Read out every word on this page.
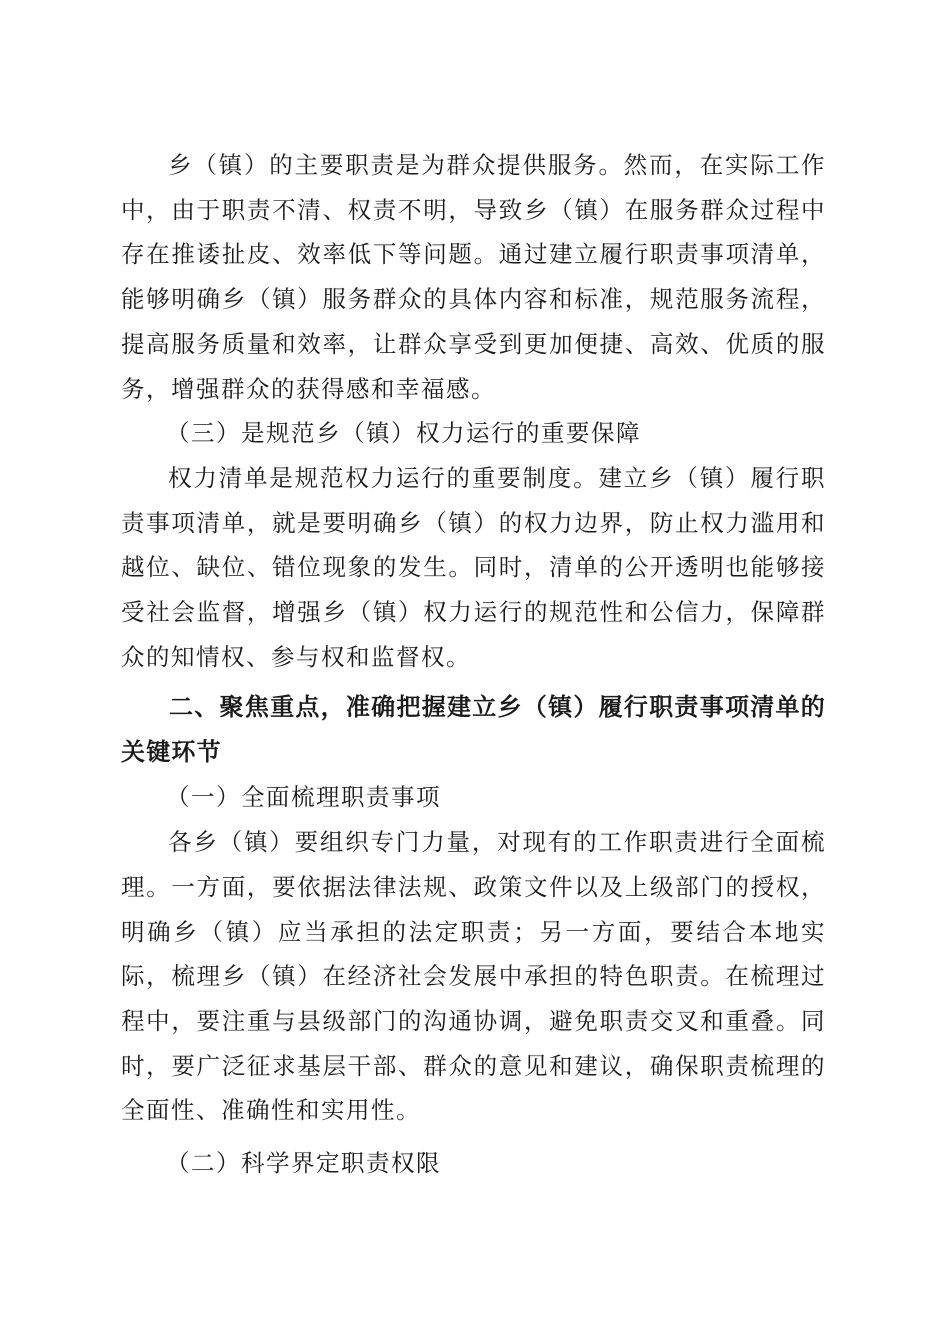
乡（镇）的主要职责是为群众提供服务。然而，在实际工作中，由于职责不清、权责不明，导致乡（镇）在服务群众过程中存在推诿扯皮、效率低下等问题。通过建立履行职责事项清单，能够明确乡（镇）服务群众的具体内容和标准，规范服务流程，提高服务质量和效率，让群众享受到更加便捷、高效、优质的服务，增强群众的获得感和幸福感。

（三）是规范乡（镇）权力运行的重要保障

权力清单是规范权力运行的重要制度。建立乡（镇）履行职责事项清单，就是要明确乡（镇）的权力边界，防止权力滥用和越位、缺位、错位现象的发生。同时，清单的公开透明也能够接受社会监督，增强乡（镇）权力运行的规范性和公信力，保障群众的知情权、参与权和监督权。

二、聚焦重点，准确把握建立乡（镇）履行职责事项清单的关键环节

（一）全面梳理职责事项

各乡（镇）要组织专门力量，对现有的工作职责进行全面梳理。一方面，要依据法律法规、政策文件以及上级部门的授权，明确乡（镇）应当承担的法定职责；另一方面，要结合本地实际，梳理乡（镇）在经济社会发展中承担的特色职责。在梳理过程中，要注重与县级部门的沟通协调，避免职责交叉和重叠。同时，要广泛征求基层干部、群众的意见和建议，确保职责梳理的全面性、准确性和实用性。

（二）科学界定职责权限
